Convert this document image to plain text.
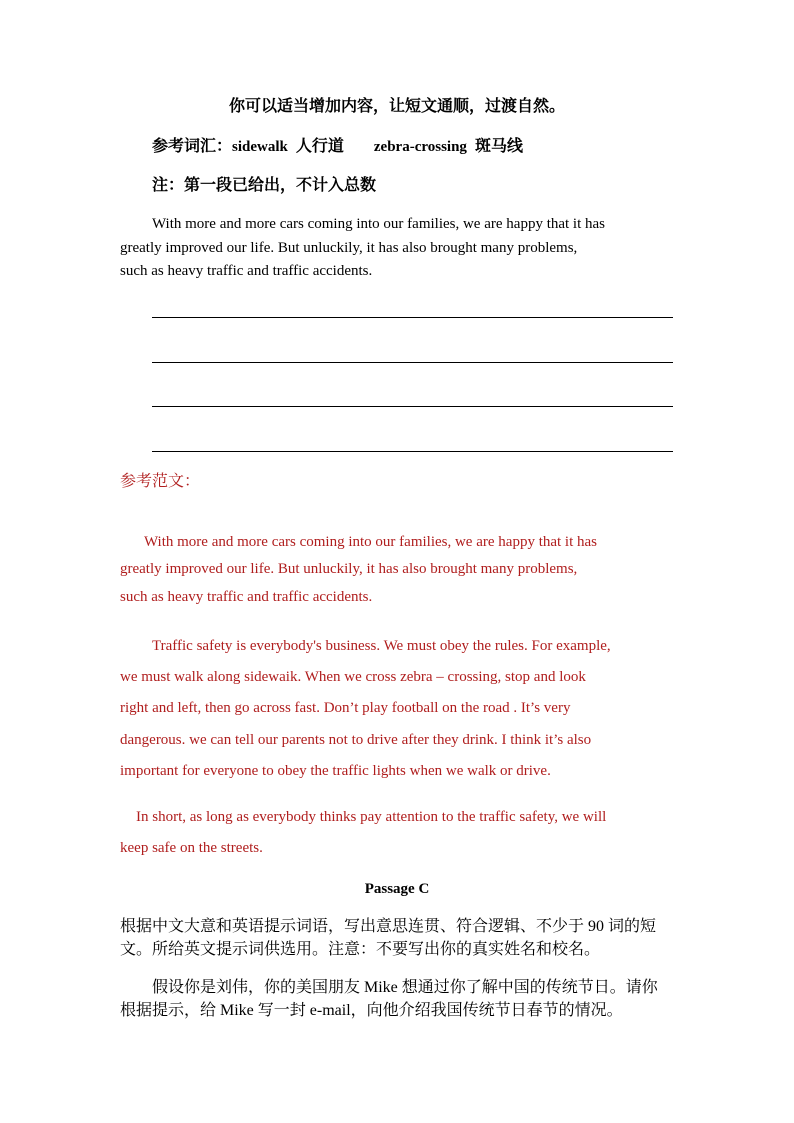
你可以适当增加内容，让短文通顺，过渡自然。
参考词汇：sidewalk 人行道 zebra-crossing 斑马线
注：第一段已给出，不计入总数
With more and more cars coming into our families, we are happy that it has
greatly improved our life. But unluckily, it has also brought many problems,
such as heavy traffic and traffic accidents.
参考范文：
With more and more cars coming into our families, we are happy that it has
greatly improved our life. But unluckily, it has also brought many problems,
such as heavy traffic and traffic accidents.
Traffic safety is everybody's business. We must obey the rules. For example,
we must walk along sidewaik. When we cross zebra – crossing, stop and look
right and left, then go across fast. Don’t play football on the road . It’s very
dangerous. we can tell our parents not to drive after they drink. I think it’s also
important for everyone to obey the traffic lights when we walk or drive.
In short, as long as everybody thinks pay attention to the traffic safety, we will
keep safe on the streets.
Passage C
根据中文大意和英语提示词语，写出意思连贯、符合逻辑、不少于 90 词的短
文。所给英文提示词供选用。注意：不要写出你的真实姓名和校名。
假设你是刘伟，你的美国朋友 Mike 想通过你了解中国的传统节日。请你
根据提示，给 Mike 写一封 e-mail，向他介绍我国传统节日春节的情况。
